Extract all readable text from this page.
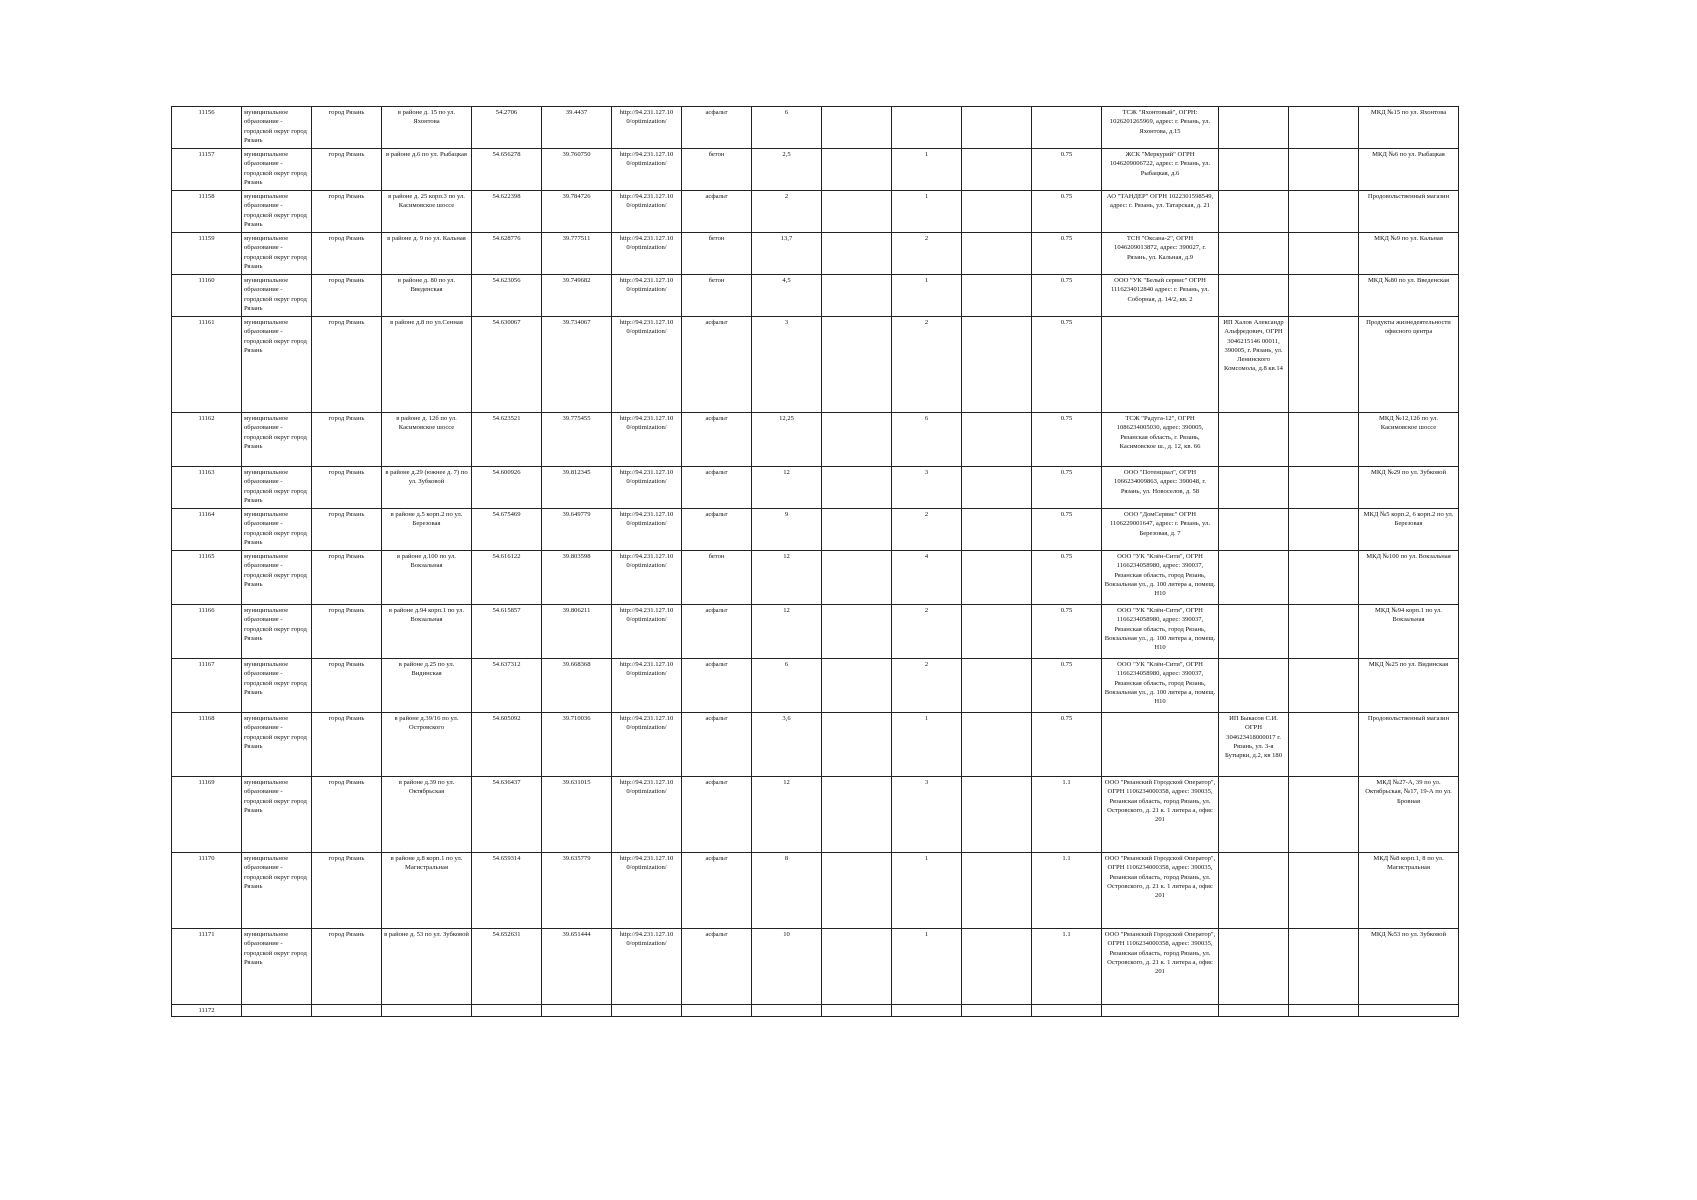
11156	муниципальное образование - городской округ город Рязань	город Рязань	в районе д. 15 по ул. Яхонтова	54.2706	39.4437	http://94.231.127.10 0/optimization/	асфальт	6					ТСЖ "Яхонтовый", ОГРН: 1026201265969, адрес: г. Рязань, ул. Яхонтова, д.15			МКД №15 по ул. Яхонтова
11157	муниципальное образование - городской округ город Рязань	город Рязань	в районе д.6 по ул. Рыбацкая	54.656278	39.760750	http://94.231.127.10 0/optimization/	бетон	2,5		1		0.75	ЖСК "Меркурий" ОГРН 1046209006722, адрес: г. Рязань, ул. Рыбацкая, д.6			МКД №6 по ул. Рыбацкая
11158	муниципальное образование - городской округ город Рязань	город Рязань	в районе д. 25 корп.3 по ул. Касимовское шоссе	54.622398	39.784726	http://94.231.127.10 0/optimization/	асфальт	2		1		0.75	АО "ТАНДЕР" ОГРН 1022301598549, адрес: г. Рязань, ул. Татарская, д. 21			Продовольственный магазин
11159	муниципальное образование - городской округ город Рязань	город Рязань	в районе д. 9 по ул. Кальная	54.628776	39.777511	http://94.231.127.10 0/optimization/	бетон	13,7		2		0.75	ТСН "Оксана-2", ОГРН 1046209013872, адрес: 390027, г. Рязань, ул. Кальная, д.9			МКД №9 по ул. Кальная
11160	муниципальное образование - городской округ город Рязань	город Рязань	в районе д. 80 по ул. Введенская	54.623056	39.749682	http://94.231.127.10 0/optimization/	бетон	4,5		1		0.75	ООО "УК "Белый сервис" ОГРН 1116234012840 адрес: г. Рязань, ул. Соборная, д. 14/2, кв. 2			МКД №80 по ул. Введенская
11161	муниципальное образование - городской округ город Рязань	город Рязань	в районе д.8 по ул.Сенная	54.630067	39.734067	http://94.231.127.10 0/optimization/	асфальт	3		2		0.75		ИП Халов Александр Альфредович, ОГРН 3046215146 00011, 390005, г. Рязань, ул. Ленинского Комсомола, д.8 кв.14		Продукты жизнедеятельности офисного центра
11162	муниципальное образование - городской округ город Рязань	город Рязань	в районе д. 12б по ул. Касимовское шоссе	54.623521	39.775455	http://94.231.127.10 0/optimization/	асфальт	12,25		6		0.75	ТСЖ "Радуга-12", ОГРН 1086234005030, адрес: 390005, Рязанская область, г. Рязань, Касимовское ш., д. 12, кв. 66			МКД №12,12б по ул. Касимовское шоссе
11163	муниципальное образование - городской округ город Рязань	город Рязань	в районе д.29 (южнее д. 7) по ул. Зубковой	54.600926	39.812345	http://94.231.127.10 0/optimization/	асфальт	12		3		0.75	ООО "Потенциал", ОГРН 1066234009863, адрес: 390048, г. Рязань, ул. Новоселов, д. 58			МКД №29 по ул. Зубковой
11164	муниципальное образование - городской округ город Рязань	город Рязань	в районе д.5 корп.2 по ул. Березовая	54.675469	39.649779	http://94.231.127.10 0/optimization/	асфальт	9		2		0.75	ООО "ДомСервис" ОГРН 1106229001647, адрес: г. Рязань, ул. Березовая, д. 7			МКД №5 корп.2, 6 корп.2 по ул. Березовая
11165	муниципальное образование - городской округ город Рязань	город Рязань	в районе д.100 по ул. Вокзальная	54.616122	39.803598	http://94.231.127.10 0/optimization/	бетон	12		4		0.75	ООО "УК "Клён-Сити", ОГРН 1166234058980, адрес: 390037, Рязанская область, город Рязань, Вокзальная ул., д. 100 литера а, помещ. Н10			МКД №100 по ул. Вокзальная
11166	муниципальное образование - городской округ город Рязань	город Рязань	в районе д.94 корп.1 по ул. Вокзальная	54.615857	39.806211	http://94.231.127.10 0/optimization/	асфальт	12		2		0.75	ООО "УК "Клён-Сити", ОГРН 1166234058980, адрес: 390037, Рязанская область, город Рязань, Вокзальная ул., д. 100 литера а, помещ. Н10			МКД №94 корп.1 по ул. Вокзальная
11167	муниципальное образование - городской округ город Рязань	город Рязань	в районе д.25 по ул. Видинская	54.637312	39.668368	http://94.231.127.10 0/optimization/	асфальт	6		2		0.75	ООО "УК "Клён-Сити", ОГРН 1166234058980, адрес: 390037, Рязанская область, город Рязань, Вокзальная ул., д. 100 литера а, помещ. Н10			МКД №25 по ул. Видинская
11168	муниципальное образование - городской округ город Рязань	город Рязань	в районе д.39/16 по ул. Островского	54.605092	39.710036	http://94.231.127.10 0/optimization/	асфальт	3,6		1		0.75		ИП Быкасов С.И. ОГРН 304623418000017 г. Рязань, ул. 3-я Бутырки, д.2, кв 180		Продовольственный магазин
11169	муниципальное образование - городской округ город Рязань	город Рязань	в районе д.39 по ул. Октябрьская	54.636437	39.631015	http://94.231.127.10 0/optimization/	асфальт	12		3		1.1	ООО "Рязанский Городской Оператор", ОГРН 1106234000358, адрес: 390035, Рязанская область, город Рязань, ул. Островского, д. 21 к. 1 литера а, офис 201			МКД №27-А, 39 по ул. Октябрьская, №17, 19-А по ул. Бровная
11170	муниципальное образование - городской округ город Рязань	город Рязань	в районе д.8 корп.1 по ул. Магистральная	54.659314	39.635779	http://94.231.127.10 0/optimization/	асфальт	8		1		1.1	ООО "Рязанский Городской Оператор", ОГРН 1106234000358, адрес: 390035, Рязанская область, город Рязань, ул. Островского, д. 21 к. 1 литера а, офис 201			МКД №8 корп.1, 8 по ул. Магистральная
11171	муниципальное образование - городской округ город Рязань	город Рязань	в районе д. 53 по ул. Зубковой	54.652631	39.651444	http://94.231.127.10 0/optimization/	асфальт	10		1		1.1	ООО "Рязанский Городской Оператор", ОГРН 1106234000358, адрес: 390035, Рязанская область, город Рязань, ул. Островского, д. 21 к. 1 литера а, офис 201			МКД №53 по ул. Зубковой
11172																
